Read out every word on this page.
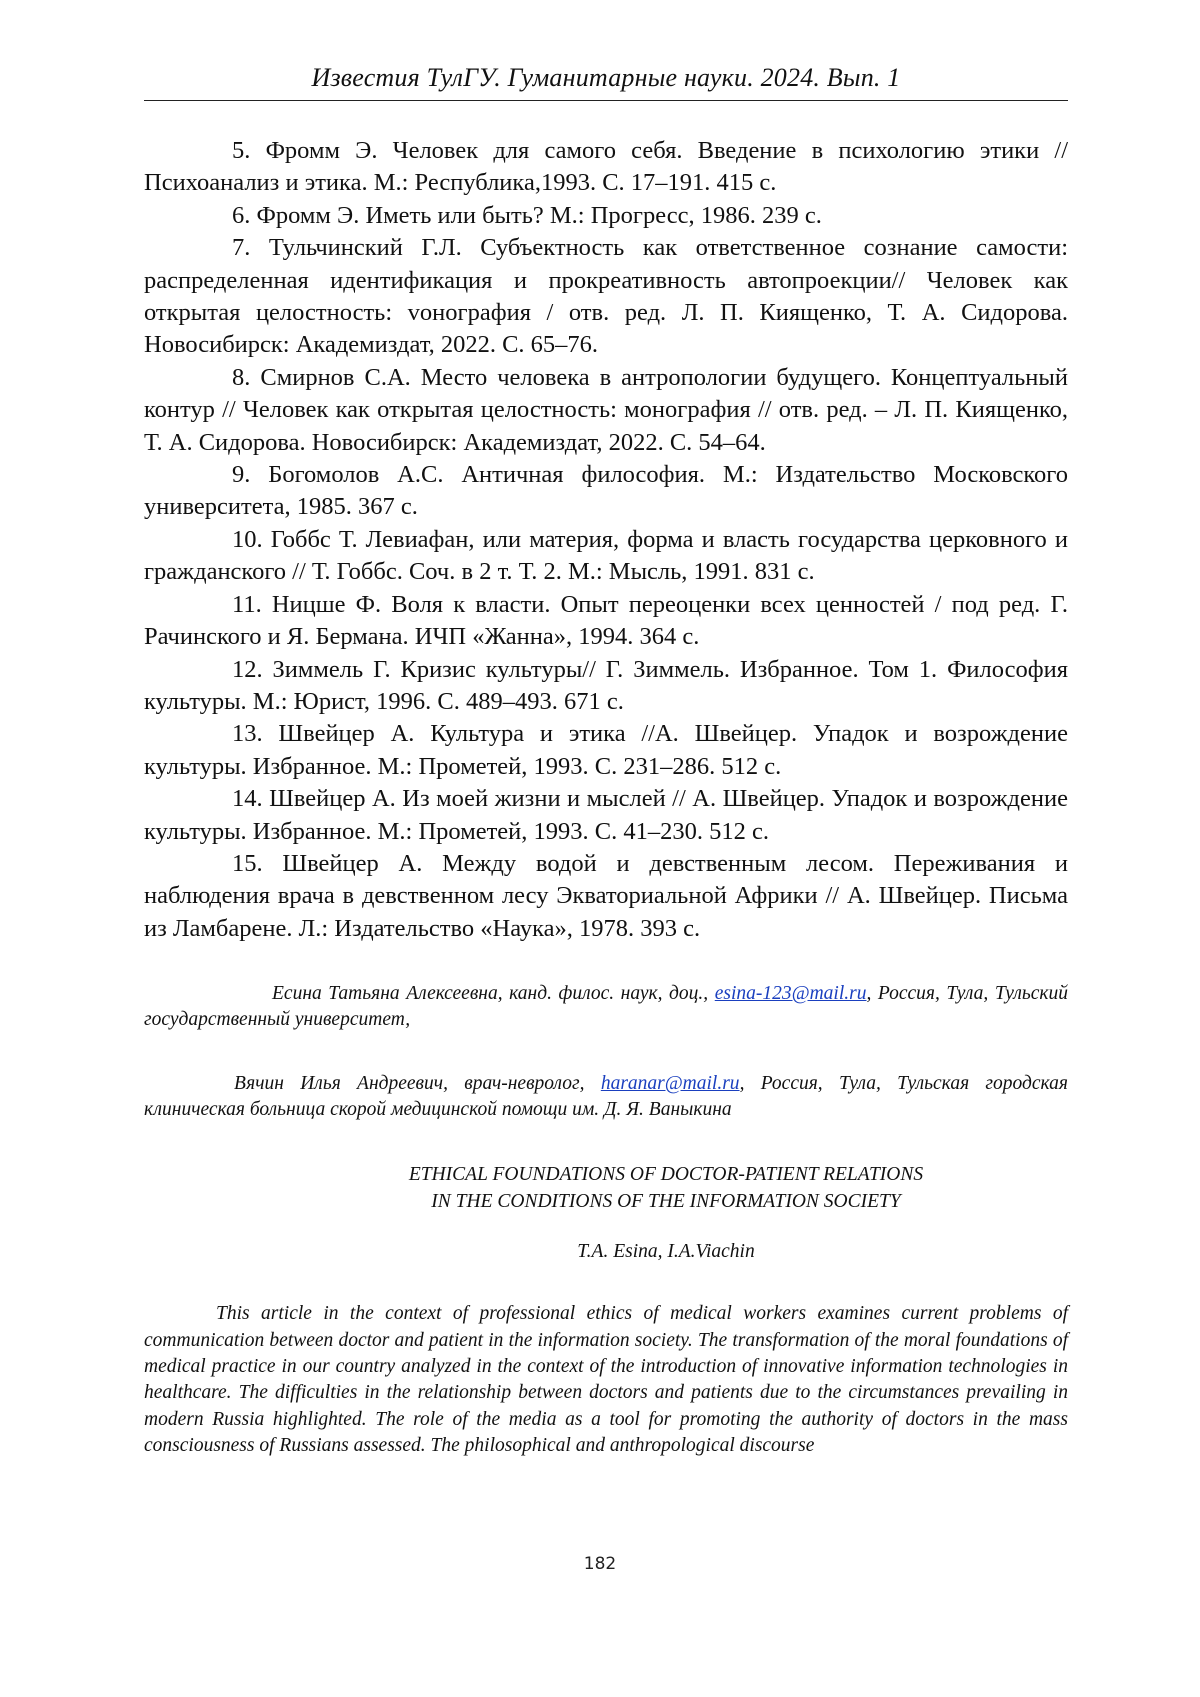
Известия ТулГУ. Гуманитарные науки. 2024. Вып. 1

5. Фромм Э. Человек для самого себя. Введение в психологию этики // Психоанализ и этика. М.: Республика,1993. С. 17–191. 415 с.

6. Фромм Э. Иметь или быть? М.: Прогресс, 1986. 239 с.

7. Тульчинский Г.Л. Субъектность как ответственное сознание самости: распределенная идентификация и прокреативность автопроекции// Человек как открытая целостность: vонография / отв. ред. Л. П. Киященко, Т. А. Сидорова. Новосибирск: Академиздат, 2022. С. 65–76.

8. Смирнов С.А. Место человека в антропологии будущего. Концептуальный контур // Человек как открытая целостность: монография // отв. ред. – Л. П. Киященко, Т. А. Сидорова. Новосибирск: Академиздат, 2022. С. 54–64.

9. Богомолов А.С. Античная философия. М.: Издательство Московского университета, 1985. 367 с.

10. Гоббс Т. Левиафан, или материя, форма и власть государства церковного и гражданского // Т. Гоббс. Соч. в 2 т. Т. 2. М.: Мысль, 1991. 831 с.

11. Ницше Ф. Воля к власти. Опыт переоценки всех ценностей / под ред. Г. Рачинского и Я. Бермана. ИЧП «Жанна», 1994. 364 с.

12. Зиммель Г. Кризис культуры// Г. Зиммель. Избранное. Том 1. Философия культуры. М.: Юрист, 1996. С. 489–493. 671 с.

13. Швейцер А. Культура и этика //А. Швейцер. Упадок и возрождение культуры. Избранное. М.: Прометей, 1993. С. 231–286. 512 с.

14. Швейцер А. Из моей жизни и мыслей // А. Швейцер. Упадок и возрождение культуры. Избранное. М.: Прометей, 1993. С. 41–230. 512 с.

15. Швейцер А. Между водой и девственным лесом. Переживания и наблюдения врача в девственном лесу Экваториальной Африки // А. Швейцер. Письма из Ламбарене. Л.: Издательство «Наука», 1978. 393 с.

Есина Татьяна Алексеевна, канд. филос. наук, доц., esina-123@mail.ru, Россия, Тула, Тульский государственный университет,

Вячин Илья Андреевич, врач-невролог, haranar@mail.ru, Россия, Тула, Тульская городская клиническая больница скорой медицинской помощи им. Д. Я. Ваныкина

ETHICAL FOUNDATIONS OF DOCTOR-PATIENT RELATIONS
IN THE CONDITIONS OF THE INFORMATION SOCIETY
T.A. Esina, I.A.Viachin

This article in the context of professional ethics of medical workers examines current problems of communication between doctor and patient in the information society. The transformation of the moral foundations of medical practice in our country analyzed in the context of the introduction of innovative information technologies in healthcare. The difficulties in the relationship between doctors and patients due to the circumstances prevailing in modern Russia highlighted. The role of the media as a tool for promoting the authority of doctors in the mass consciousness of Russians assessed. The philosophical and anthropological discourse

182
